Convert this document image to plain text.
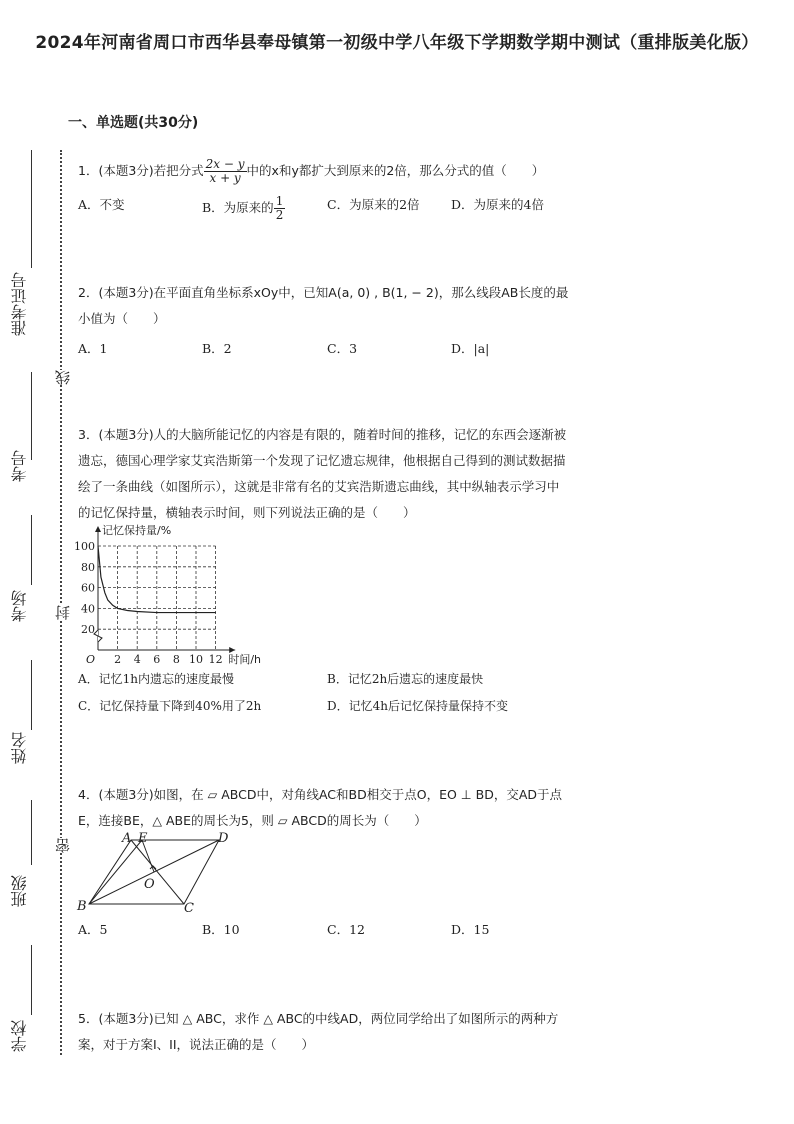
2024年河南省周口市西华县奉母镇第一初级中学八年级下学期数学期中测试（重排版美化版）
准考证号
考号
考场
姓名
班级
学校
线
封
密
一、单选题(共30分)
1．(本题3分)若把分式 $\frac{2x - y}{x + y}$ 中的x和y都扩大到原来的2倍，那么分式的值（　　）
A．不变	B．为原来的 $\frac{1}{2}$	C．为原来的2倍	D．为原来的4倍
2．(本题3分)在平面直角坐标系xOy中，已知A(a, 0) , B(1, − 2)，那么线段AB长度的最
小值为（　　）
A．1	B．2	C．3	D．|a|
3．(本题3分)人的大脑所能记忆的内容是有限的，随着时间的推移，记忆的东西会逐渐被
遗忘，德国心理学家艾宾浩斯第一个发现了记忆遗忘规律，他根据自己得到的测试数据描
绘了一条曲线（如图所示），这就是非常有名的艾宾浩斯遗忘曲线，其中纵轴表示学习中
的记忆保持量，横轴表示时间，则下列说法正确的是（　　）
2 4 6 8 10 12
20
40
60
80
100
O
记忆保持量/%
时间/h
A．记忆1h内遗忘的速度最慢	B．记忆2h后遗忘的速度最快
C．记忆保持量下降到40%用了2h	D．记忆4h后记忆保持量保持不变
4．(本题3分)如图，在 ▱ ABCD中，对角线AC和BD相交于点O，EO ⊥ BD，交AD于点
E，连接BE，△ ABE的周长为5，则 ▱ ABCD的周长为（　　）
A E	D
B	C
O
A．5	B．10	C．12	D．15
5．(本题3分)已知 △ ABC，求作 △ ABC的中线AD，两位同学给出了如图所示的两种方
案，对于方案I、II，说法正确的是（　　）
